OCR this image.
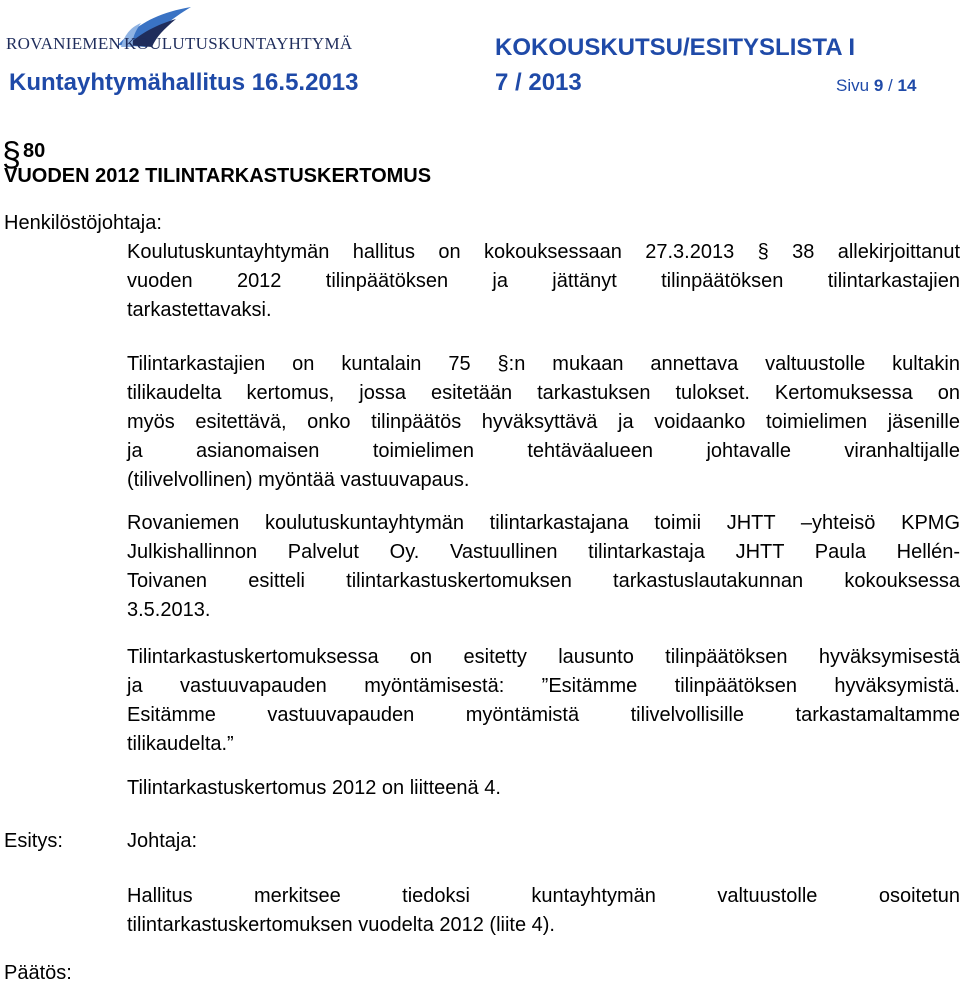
ROVANIEMEN KOULUTUSKUNTAYHTYMÄ	KOKOUSKUTSU/ESITYSLISTA I
Kuntayhtymähallitus 16.5.2013	7 / 2013	Sivu 9 / 14
§ 80
VUODEN 2012 TILINTARKASTUSKERTOMUS
Henkilöstöjohtaja:
Koulutuskuntayhtymän hallitus on kokouksessaan 27.3.2013 § 38 allekirjoittanut
vuoden 2012 tilinpäätöksen ja jättänyt tilinpäätöksen tilintarkastajien
tarkastettavaksi.
Tilintarkastajien on kuntalain 75 §:n mukaan annettava valtuustolle kultakin
tilikaudelta kertomus, jossa esitetään tarkastuksen tulokset. Kertomuksessa on
myös esitettävä, onko tilinpäätös hyväksyttävä ja voidaanko toimielimen jäsenille
ja asianomaisen toimielimen tehtäväalueen johtavalle viranhaltijalle
(tilivelvollinen) myöntää vastuuvapaus.
Rovaniemen koulutuskuntayhtymän tilintarkastajana toimii JHTT –yhteisö KPMG
Julkishallinnon Palvelut Oy. Vastuullinen tilintarkastaja JHTT Paula Hellén-
Toivanen esitteli tilintarkastuskertomuksen tarkastuslautakunnan kokouksessa
3.5.2013.
Tilintarkastuskertomuksessa on esitetty lausunto tilinpäätöksen hyväksymisestä
ja vastuuvapauden myöntämisestä: ”Esitämme tilinpäätöksen hyväksymistä.
Esitämme vastuuvapauden myöntämistä tilivelvollisille tarkastamaltamme
tilikaudelta.”
Tilintarkastuskertomus 2012 on liitteenä 4.
Esitys:	Johtaja:
Hallitus merkitsee tiedoksi kuntayhtymän valtuustolle osoitetun
tilintarkastuskertomuksen vuodelta 2012 (liite 4).
Päätös:
